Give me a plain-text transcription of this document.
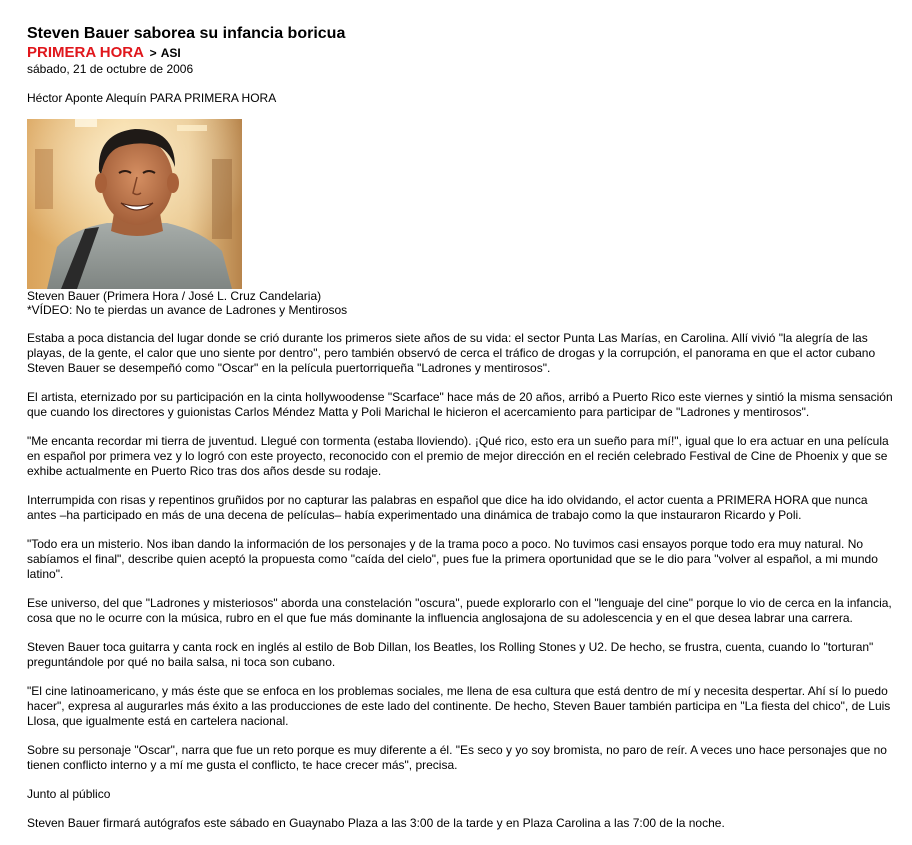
Steven Bauer saborea su infancia boricua
PRIMERA HORA > ASI
sábado, 21 de octubre de 2006
Héctor Aponte Alequín PARA PRIMERA HORA
Steven Bauer (Primera Hora / José L. Cruz Candelaria)
*VÍDEO: No te pierdas un avance de Ladrones y Mentirosos

Estaba a poca distancia del lugar donde se crió durante los primeros siete años de su vida: el sector Punta Las Marías, en Carolina. Allí vivió "la alegría de las playas, de la gente, el calor que uno siente por dentro", pero también observó de cerca el tráfico de drogas y la corrupción, el panorama en que el actor cubano Steven Bauer se desempeñó como "Oscar" en la película puertorriqueña "Ladrones y mentirosos".

El artista, eternizado por su participación en la cinta hollywoodense "Scarface" hace más de 20 años, arribó a Puerto Rico este viernes y sintió la misma sensación que cuando los directores y guionistas Carlos Méndez Matta y Poli Marichal le hicieron el acercamiento para participar de "Ladrones y mentirosos".

"Me encanta recordar mi tierra de juventud. Llegué con tormenta (estaba lloviendo). ¡Qué rico, esto era un sueño para mí!", igual que lo era actuar en una película en español por primera vez y lo logró con este proyecto, reconocido con el premio de mejor dirección en el recién celebrado Festival de Cine de Phoenix y que se exhibe actualmente en Puerto Rico tras dos años desde su rodaje.

Interrumpida con risas y repentinos gruñidos por no capturar las palabras en español que dice ha ido olvidando, el actor cuenta a PRIMERA HORA que nunca antes –ha participado en más de una decena de películas– había experimentado una dinámica de trabajo como la que instauraron Ricardo y Poli.

"Todo era un misterio. Nos iban dando la información de los personajes y de la trama poco a poco. No tuvimos casi ensayos porque todo era muy natural. No sabíamos el final", describe quien aceptó la propuesta como "caída del cielo", pues fue la primera oportunidad que se le dio para "volver al español, a mi mundo latino".

Ese universo, del que "Ladrones y misteriosos" aborda una constelación "oscura", puede explorarlo con el "lenguaje del cine" porque lo vio de cerca en la infancia, cosa que no le ocurre con la música, rubro en el que fue más dominante la influencia anglosajona de su adolescencia y en el que desea labrar una carrera.

Steven Bauer toca guitarra y canta rock en inglés al estilo de Bob Dillan, los Beatles, los Rolling Stones y U2. De hecho, se frustra, cuenta, cuando lo "torturan" preguntándole por qué no baila salsa, ni toca son cubano.

"El cine latinoamericano, y más éste que se enfoca en los problemas sociales, me llena de esa cultura que está dentro de mí y necesita despertar. Ahí sí lo puedo hacer", expresa al augurarles más éxito a las producciones de este lado del continente. De hecho, Steven Bauer también participa en "La fiesta del chico", de Luis Llosa, que igualmente está en cartelera nacional.

Sobre su personaje "Oscar", narra que fue un reto porque es muy diferente a él. "Es seco y yo soy bromista, no paro de reír. A veces uno hace personajes que no tienen conflicto interno y a mí me gusta el conflicto, te hace crecer más", precisa.

Junto al público

Steven Bauer firmará autógrafos este sábado en Guaynabo Plaza a las 3:00 de la tarde y en Plaza Carolina a las 7:00 de la noche.
